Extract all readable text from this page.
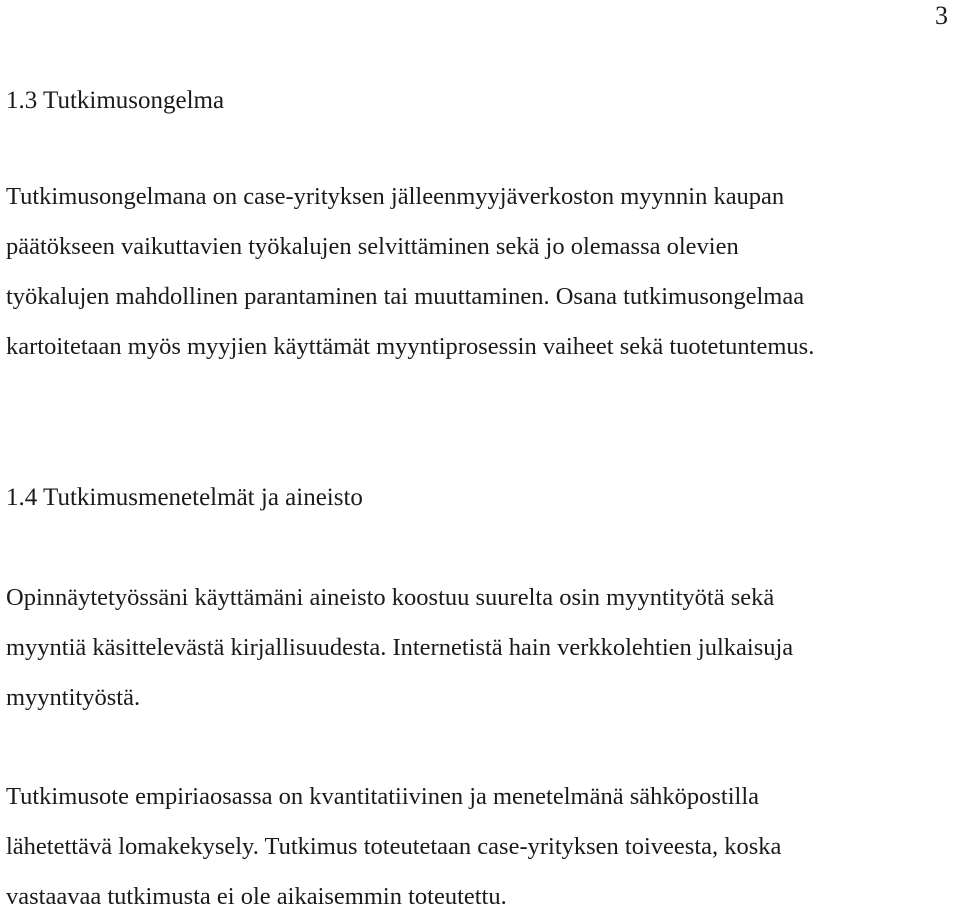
3
1.3 Tutkimusongelma
Tutkimusongelmana on case-yrityksen jälleenmyyjäverkoston myynnin kaupan
päätökseen vaikuttavien työkalujen selvittäminen sekä jo olemassa olevien
työkalujen mahdollinen parantaminen tai muuttaminen. Osana tutkimusongelmaa
kartoitetaan myös myyjien käyttämät myyntiprosessin vaiheet sekä tuotetuntemus.
1.4 Tutkimusmenetelmät ja aineisto
Opinnäytetyössäni käyttämäni aineisto koostuu suurelta osin myyntityötä sekä
myyntiä käsittelevästä kirjallisuudesta. Internetistä hain verkkolehtien julkaisuja
myyntityöstä.
Tutkimusote empiriaosassa on kvantitatiivinen ja menetelmänä sähköpostilla
lähetettävä lomakekysely. Tutkimus toteutetaan case-yrityksen toiveesta, koska
vastaavaa tutkimusta ei ole aikaisemmin toteutettu.
